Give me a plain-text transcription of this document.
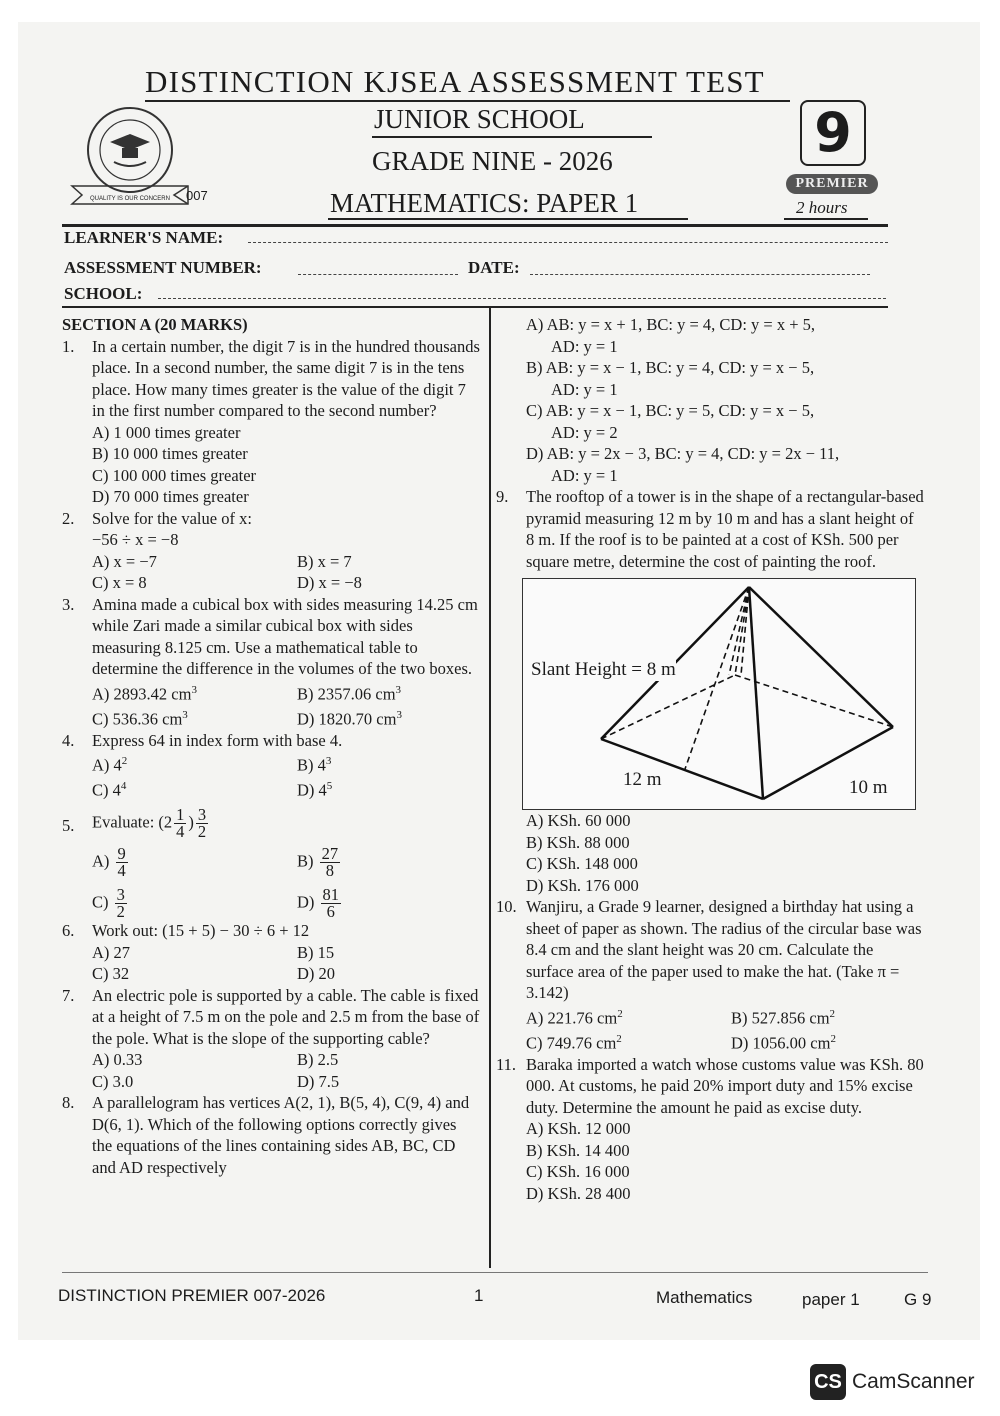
DISTINCTION KJSEA ASSESSMENT TEST
JUNIOR SCHOOL
GRADE NINE - 2026
MATHEMATICS: PAPER 1
QUALITY IS OUR CONCERN 007
9
PREMIER
2 hours
LEARNER'S NAME:
ASSESSMENT NUMBER:	DATE:
SCHOOL:
SECTION A (20 MARKS)
1. In a certain number, the digit 7 is in the hundred thousands place. In a second number, the same digit 7 is in the tens place. How many times greater is the value of the digit 7 in the first number compared to the second number?
A) 1 000 times greater
B) 10 000 times greater
C) 100 000 times greater
D) 70 000 times greater
2. Solve for the value of x:
−56 ÷ x = −8
A) x = −7	B) x = 7
C) x = 8	D) x = −8
3. Amina made a cubical box with sides measuring 14.25 cm while Zari made a similar cubical box with sides measuring 8.125 cm. Use a mathematical table to determine the difference in the volumes of the two boxes.
A) 2893.42 $cm^3$	B) 2357.06 $cm^3$
C) 536.36 $cm^3$	D) 1820.70 $cm^3$
4. Express 64 in index form with base 4.
A) $4^2$	B) $4^3$
C) $4^4$	D) $4^5$
5. Evaluate: ($2 \frac{1}{4}$ ) $\frac{3}{2}$
$A) \frac{9}{4}$	$B) \frac{27}{8}$
$C) \frac{3}{2}$	$D) \frac{81}{6}$
6. Work out: (15 + 5) − 30 ÷ 6 + 12
A) 27	B) 15
C) 32	D) 20
7. An electric pole is supported by a cable. The cable is fixed at a height of 7.5 m on the pole and 2.5 m from the base of the pole. What is the slope of the supporting cable?
A) 0.33	B) 2.5
C) 3.0	D) 7.5
8. A parallelogram has vertices A(2, 1), B(5, 4), C(9, 4) and D(6, 1). Which of the following options correctly gives the equations of the lines containing sides AB, BC, CD and AD respectively
A) AB: y = x + 1, BC: y = 4, CD: y = x + 5,
AD: y = 1
B) AB: y = x − 1, BC: y = 4, CD: y = x − 5,
AD: y = 1
C) AB: y = x − 1, BC: y = 5, CD: y = x − 5,
AD: y = 2
D) AB: y = 2x − 3, BC: y = 4, CD: y = 2x − 11,
AD: y = 1
9. The rooftop of a tower is in the shape of a rectangular-based pyramid measuring 12 m by 10 m and has a slant height of 8 m. If the roof is to be painted at a cost of KSh. 500 per square metre, determine the cost of painting the roof.
Slant Height = 8 m
12 m	10 m
A) KSh. 60 000
B) KSh. 88 000
C) KSh. 148 000
D) KSh. 176 000
10. Wanjiru, a Grade 9 learner, designed a birthday hat using a sheet of paper as shown. The radius of the circular base was 8.4 cm and the slant height was 20 cm. Calculate the surface area of the paper used to make the hat. (Take π = 3.142)
A) 221.76 $cm^2$	B) 527.856 $cm^2$
C) 749.76 $cm^2$	D) 1056.00 $cm^2$
11. Baraka imported a watch whose customs value was KSh. 80 000. At customs, he paid 20% import duty and 15% excise duty. Determine the amount he paid as excise duty.
A) KSh. 12 000
B) KSh. 14 400
C) KSh. 16 000
D) KSh. 28 400
DISTINCTION PREMIER 007-2026	1	Mathematics	paper 1	G 9
CS CamScanner
